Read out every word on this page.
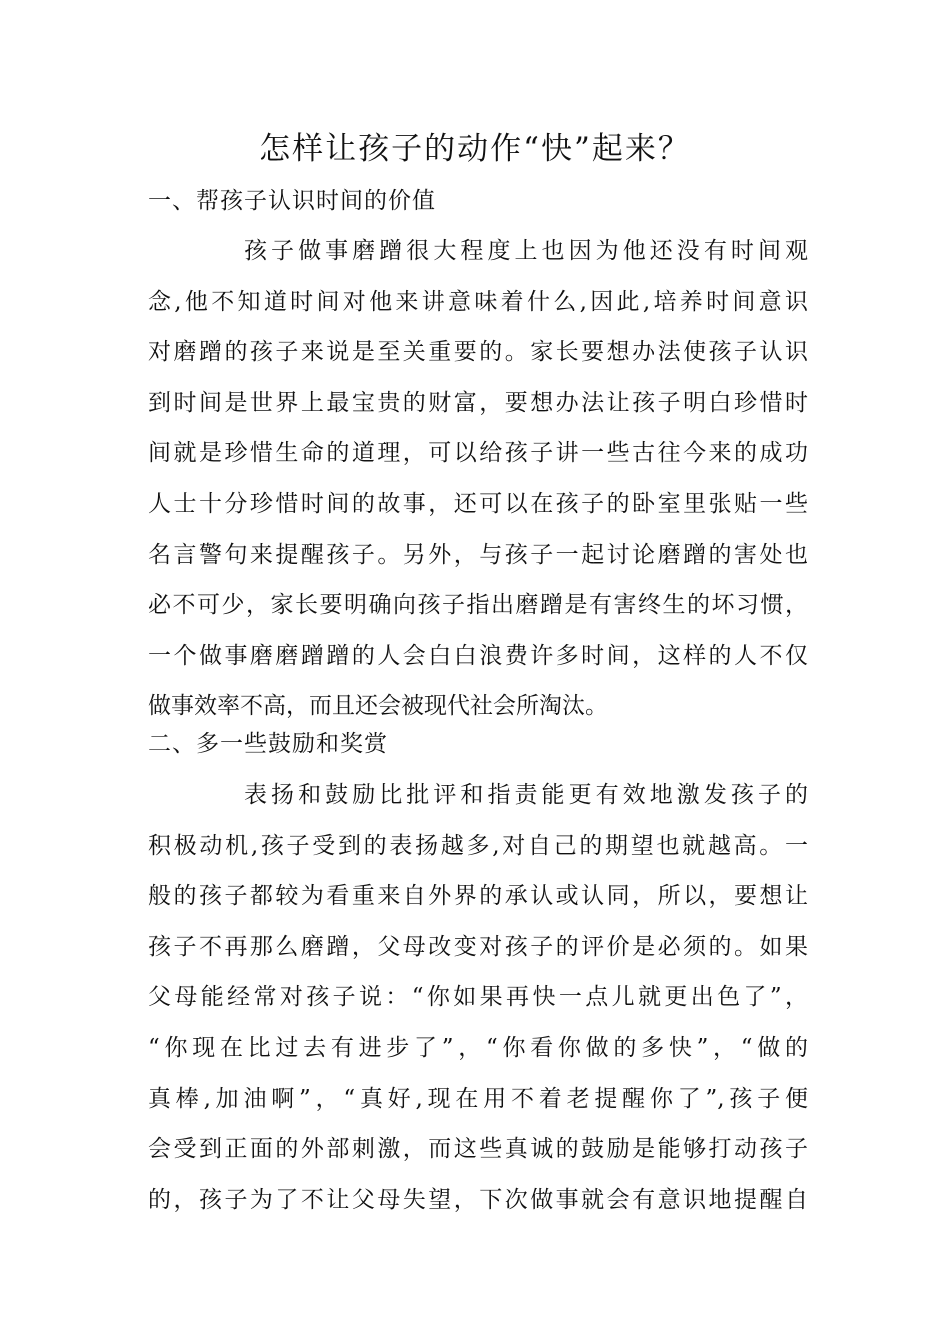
怎样让孩子的动作“快”起来？
一、帮孩子认识时间的价值
孩子做事磨蹭很大程度上也因为他还没有时间观
念,他不知道时间对他来讲意味着什么,因此,培养时间意识
对磨蹭的孩子来说是至关重要的。家长要想办法使孩子认识
到时间是世界上最宝贵的财富，要想办法让孩子明白珍惜时
间就是珍惜生命的道理，可以给孩子讲一些古往今来的成功
人士十分珍惜时间的故事，还可以在孩子的卧室里张贴一些
名言警句来提醒孩子。另外，与孩子一起讨论磨蹭的害处也
必不可少，家长要明确向孩子指出磨蹭是有害终生的坏习惯，
一个做事磨磨蹭蹭的人会白白浪费许多时间，这样的人不仅
做事效率不高，而且还会被现代社会所淘汰。
二、多一些鼓励和奖赏
表扬和鼓励比批评和指责能更有效地激发孩子的
积极动机,孩子受到的表扬越多,对自己的期望也就越高。一
般的孩子都较为看重来自外界的承认或认同，所以，要想让
孩子不再那么磨蹭，父母改变对孩子的评价是必须的。如果
父母能经常对孩子说：“你如果再快一点儿就更出色了”，
“你现在比过去有进步了”，“你看你做的多快”，“做的
真棒,加油啊”，“真好,现在用不着老提醒你了”,孩子便
会受到正面的外部刺激，而这些真诚的鼓励是能够打动孩子
的，孩子为了不让父母失望，下次做事就会有意识地提醒自
